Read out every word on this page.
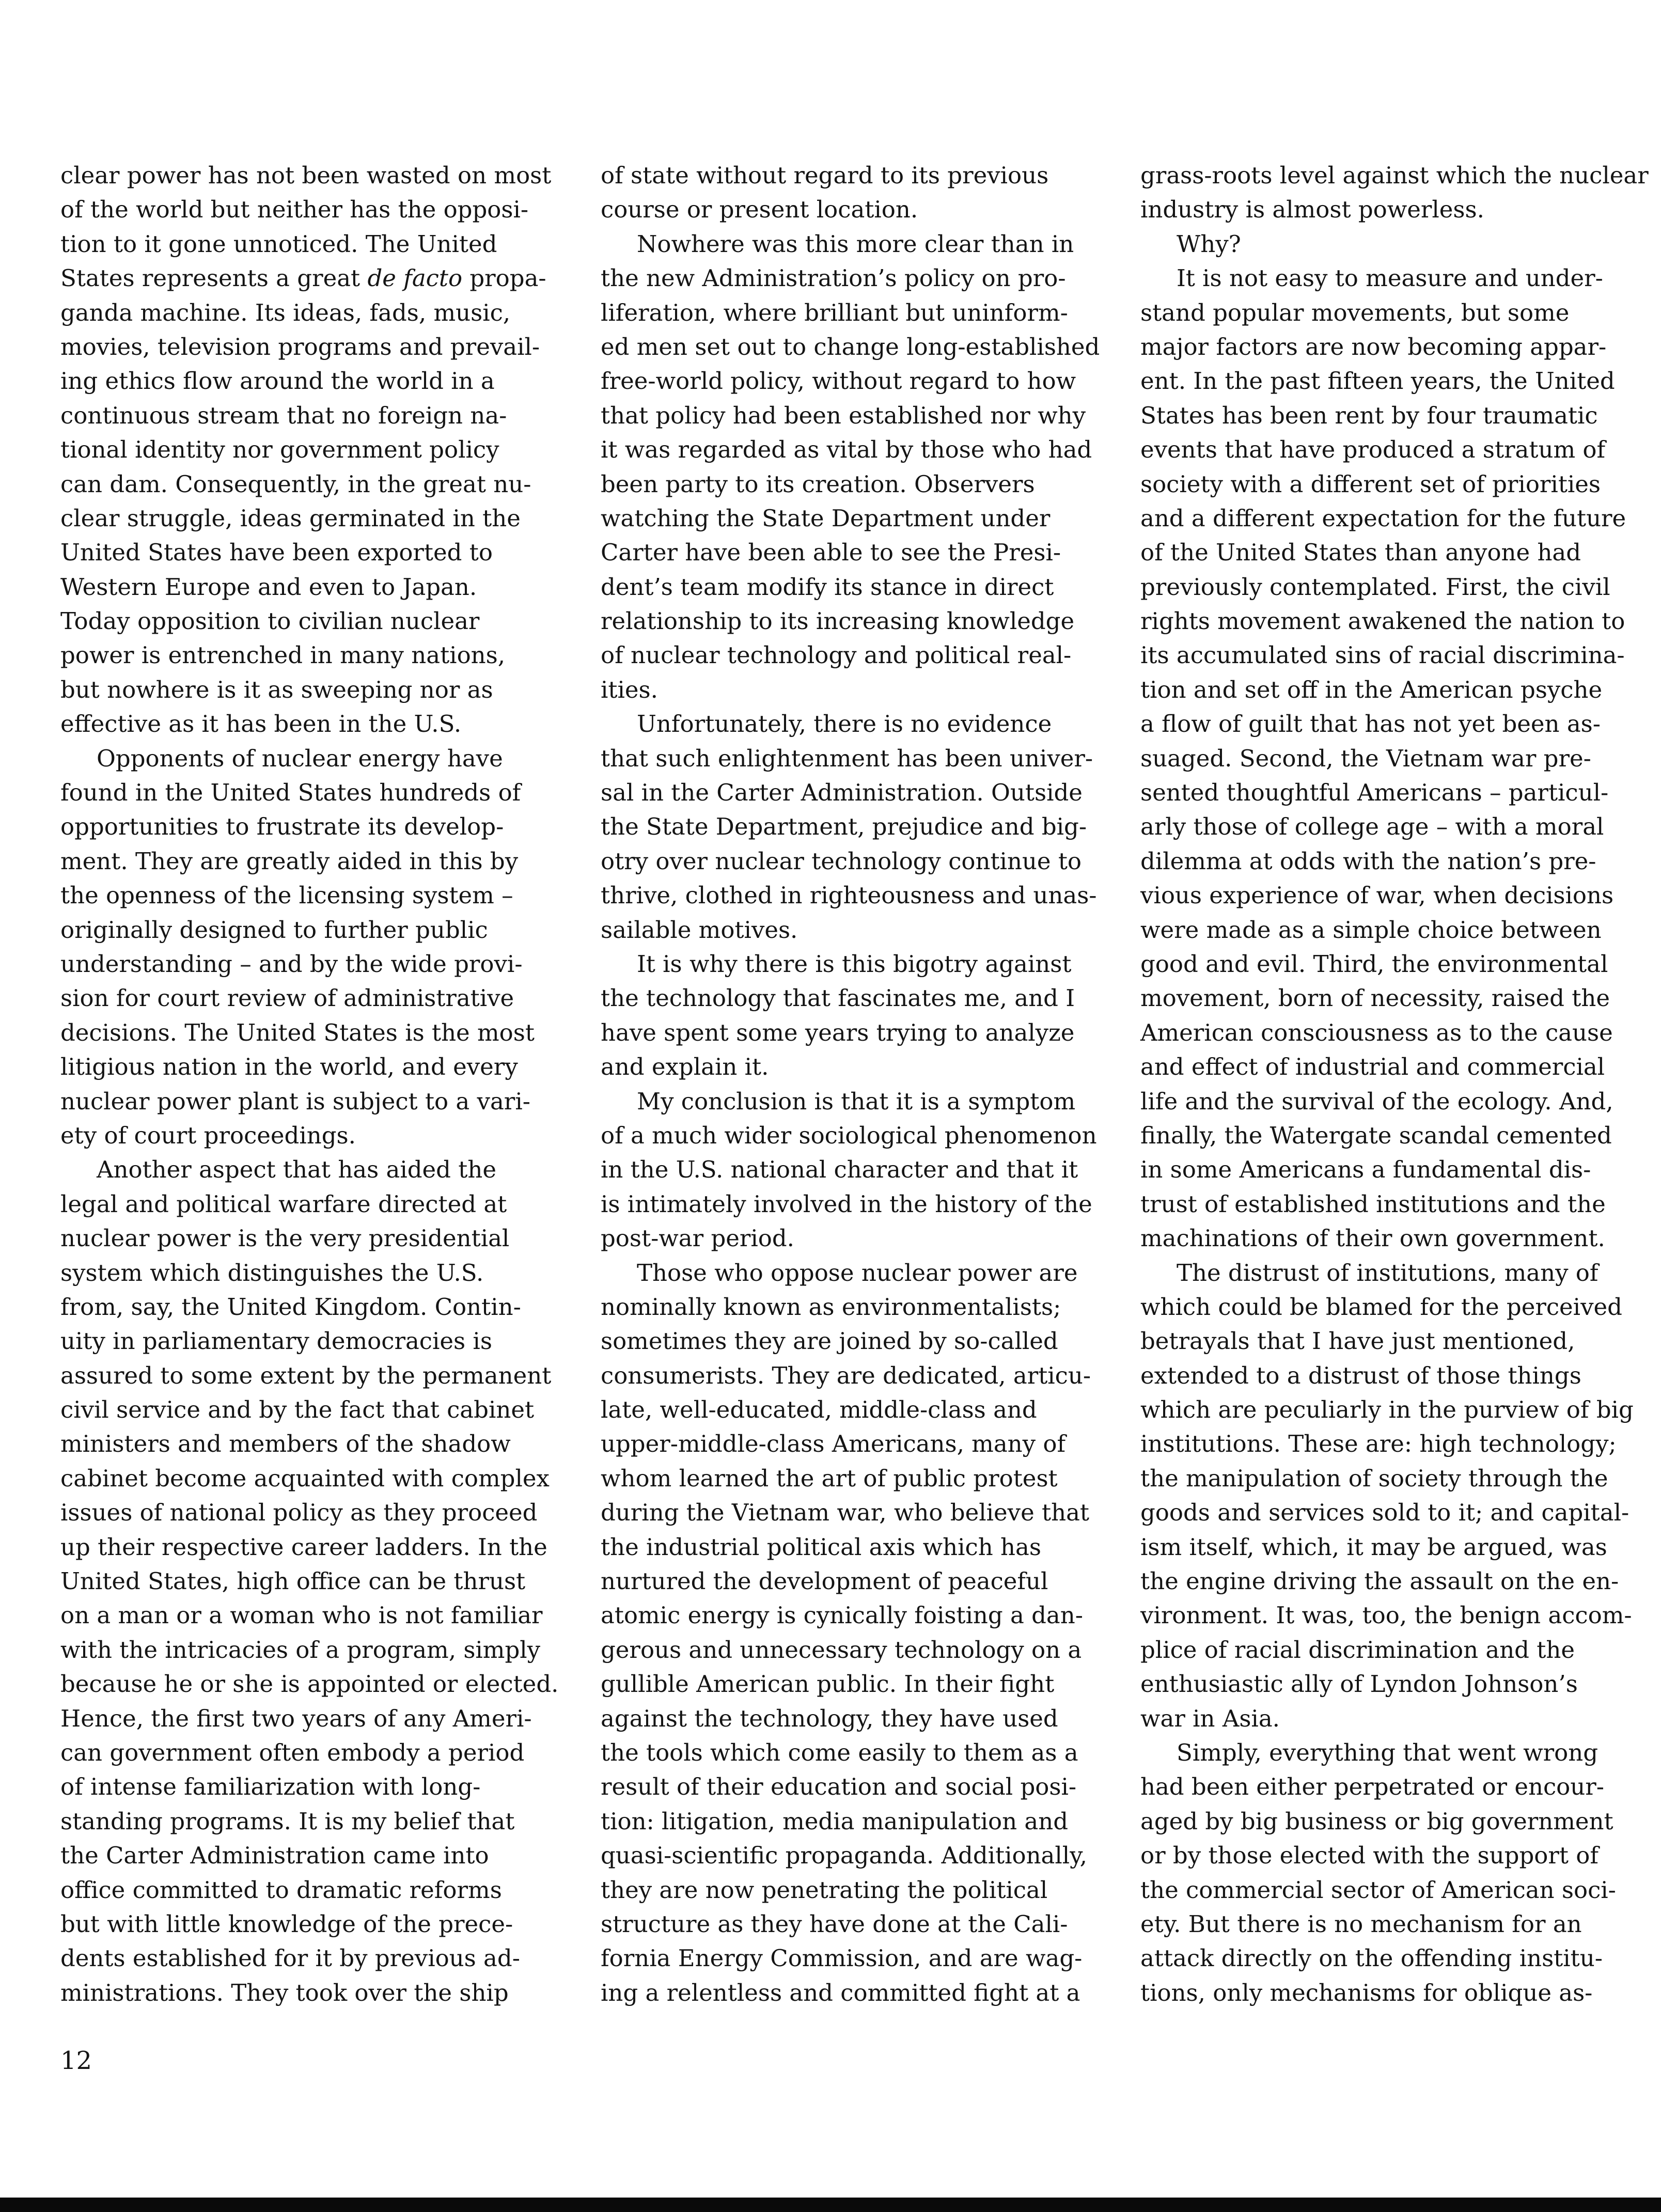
clear power has not been wasted on most
of the world but neither has the opposi-
tion to it gone unnoticed. The United
States represents a great de facto propa-
ganda machine. Its ideas, fads, music,
movies, television programs and prevail-
ing ethics flow around the world in a
continuous stream that no foreign na-
tional identity nor government policy
can dam. Consequently, in the great nu-
clear struggle, ideas germinated in the
United States have been exported to
Western Europe and even to Japan.
Today opposition to civilian nuclear
power is entrenched in many nations,
but nowhere is it as sweeping nor as
effective as it has been in the U.S.
Opponents of nuclear energy have
found in the United States hundreds of
opportunities to frustrate its develop-
ment. They are greatly aided in this by
the openness of the licensing system –
originally designed to further public
understanding – and by the wide provi-
sion for court review of administrative
decisions. The United States is the most
litigious nation in the world, and every
nuclear power plant is subject to a vari-
ety of court proceedings.
Another aspect that has aided the
legal and political warfare directed at
nuclear power is the very presidential
system which distinguishes the U.S.
from, say, the United Kingdom. Contin-
uity in parliamentary democracies is
assured to some extent by the permanent
civil service and by the fact that cabinet
ministers and members of the shadow
cabinet become acquainted with complex
issues of national policy as they proceed
up their respective career ladders. In the
United States, high office can be thrust
on a man or a woman who is not familiar
with the intricacies of a program, simply
because he or she is appointed or elected.
Hence, the first two years of any Ameri-
can government often embody a period
of intense familiarization with long-
standing programs. It is my belief that
the Carter Administration came into
office committed to dramatic reforms
but with little knowledge of the prece-
dents established for it by previous ad-
ministrations. They took over the ship
of state without regard to its previous
course or present location.
Nowhere was this more clear than in
the new Administration’s policy on pro-
liferation, where brilliant but uninform-
ed men set out to change long-established
free-world policy, without regard to how
that policy had been established nor why
it was regarded as vital by those who had
been party to its creation. Observers
watching the State Department under
Carter have been able to see the Presi-
dent’s team modify its stance in direct
relationship to its increasing knowledge
of nuclear technology and political real-
ities.
Unfortunately, there is no evidence
that such enlightenment has been univer-
sal in the Carter Administration. Outside
the State Department, prejudice and big-
otry over nuclear technology continue to
thrive, clothed in righteousness and unas-
sailable motives.
It is why there is this bigotry against
the technology that fascinates me, and I
have spent some years trying to analyze
and explain it.
My conclusion is that it is a symptom
of a much wider sociological phenomenon
in the U.S. national character and that it
is intimately involved in the history of the
post-war period.
Those who oppose nuclear power are
nominally known as environmentalists;
sometimes they are joined by so-called
consumerists. They are dedicated, articu-
late, well-educated, middle-class and
upper-middle-class Americans, many of
whom learned the art of public protest
during the Vietnam war, who believe that
the industrial political axis which has
nurtured the development of peaceful
atomic energy is cynically foisting a dan-
gerous and unnecessary technology on a
gullible American public. In their fight
against the technology, they have used
the tools which come easily to them as a
result of their education and social posi-
tion: litigation, media manipulation and
quasi-scientific propaganda. Additionally,
they are now penetrating the political
structure as they have done at the Cali-
fornia Energy Commission, and are wag-
ing a relentless and committed fight at a
grass-roots level against which the nuclear
industry is almost powerless.
Why?
It is not easy to measure and under-
stand popular movements, but some
major factors are now becoming appar-
ent. In the past fifteen years, the United
States has been rent by four traumatic
events that have produced a stratum of
society with a different set of priorities
and a different expectation for the future
of the United States than anyone had
previously contemplated. First, the civil
rights movement awakened the nation to
its accumulated sins of racial discrimina-
tion and set off in the American psyche
a flow of guilt that has not yet been as-
suaged. Second, the Vietnam war pre-
sented thoughtful Americans – particul-
arly those of college age – with a moral
dilemma at odds with the nation’s pre-
vious experience of war, when decisions
were made as a simple choice between
good and evil. Third, the environmental
movement, born of necessity, raised the
American consciousness as to the cause
and effect of industrial and commercial
life and the survival of the ecology. And,
finally, the Watergate scandal cemented
in some Americans a fundamental dis-
trust of established institutions and the
machinations of their own government.
The distrust of institutions, many of
which could be blamed for the perceived
betrayals that I have just mentioned,
extended to a distrust of those things
which are peculiarly in the purview of big
institutions. These are: high technology;
the manipulation of society through the
goods and services sold to it; and capital-
ism itself, which, it may be argued, was
the engine driving the assault on the en-
vironment. It was, too, the benign accom-
plice of racial discrimination and the
enthusiastic ally of Lyndon Johnson’s
war in Asia.
Simply, everything that went wrong
had been either perpetrated or encour-
aged by big business or big government
or by those elected with the support of
the commercial sector of American soci-
ety. But there is no mechanism for an
attack directly on the offending institu-
tions, only mechanisms for oblique as-
12
